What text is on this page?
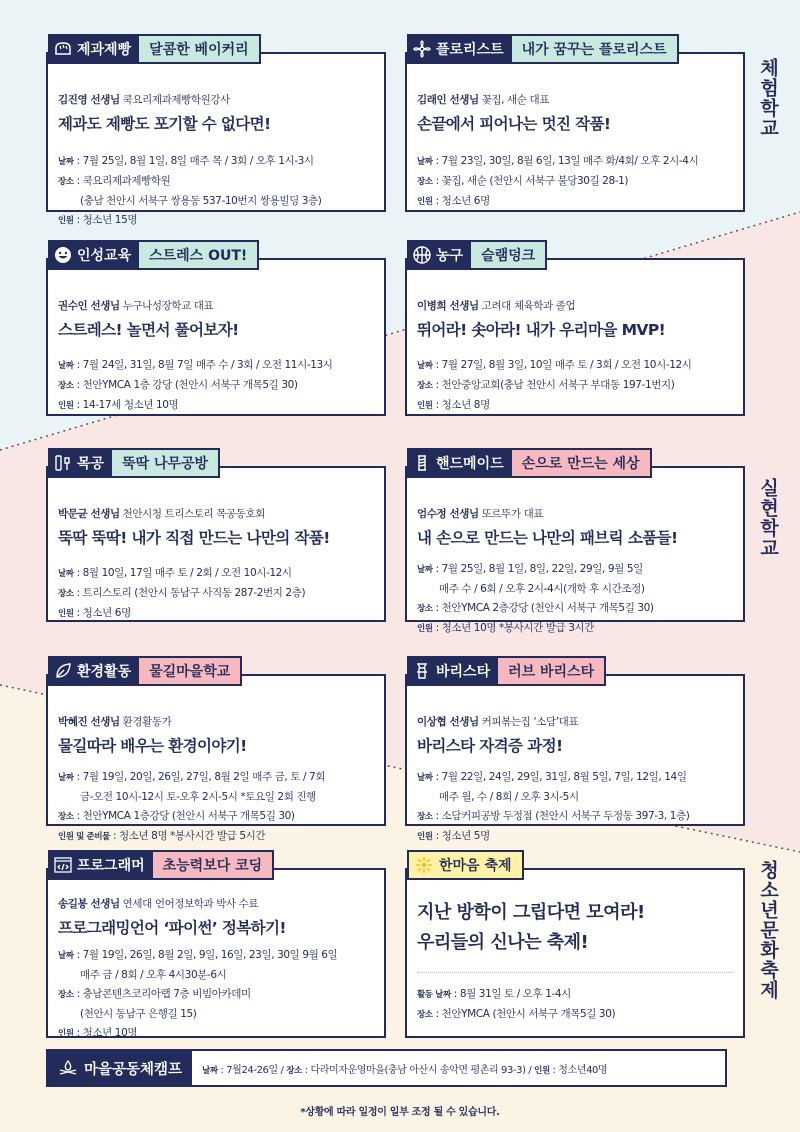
체험학교
실현학교
청소년문화축제
제과제빵	달콤한 베이커리
김진영 선생님 쿡요리제과제빵학원강사
제과도 제빵도 포기할 수 없다면!
날짜 : 7월 25일, 8월 1일, 8일 매주 목 / 3회 / 오후 1시-3시
장소 : 쿡요리제과제빵학원
(충남 천안시 서북구 쌍용동 537-10번지 쌍용빌딩 3층)
인원 : 청소년 15명
플로리스트	내가 꿈꾸는 플로리스트
김래인 선생님 꽃집, 새순 대표
손끝에서 피어나는 멋진 작품!
날짜 : 7월 23일, 30일, 8월 6일, 13일 매주 화/4회/ 오후 2시-4시
장소 : 꽃집, 새순 (천안시 서북구 불당30길 28-1)
인원 : 청소년 6명
인성교육	스트레스 OUT!
권수인 선생님 누구나성장학교 대표
스트레스! 놀면서 풀어보자!
날짜 : 7월 24일, 31일, 8월 7일 매주 수 / 3회 / 오전 11시-13시
장소 : 천안YMCA 1층 강당 (천안시 서북구 개목5길 30)
인원 : 14-17세 청소년 10명
농구	슬램덩크
이병희 선생님 고려대 체육학과 졸업
뛰어라! 솟아라! 내가 우리마을 MVP!
날짜 : 7월 27일, 8월 3일, 10일 매주 토 / 3회 / 오전 10시-12시
장소 : 천안중앙교회(충남 천안시 서북구 부대동 197-1번지)
인원 : 청소년 8명
목공	뚝딱 나무공방
박문균 선생님 천안시청 트리스토리 목공동호회
뚝딱 뚝딱! 내가 직접 만드는 나만의 작품!
날짜 : 8월 10일, 17일 매주 토 / 2회 / 오전 10시-12시
장소 : 트리스토리 (천안시 동남구 사직동 287-2번지 2층)
인원 : 청소년 6명
핸드메이드	손으로 만드는 세상
엄수정 선생님 또르뚜가 대표
내 손으로 만드는 나만의 패브릭 소품들!
날짜 : 7월 25일, 8월 1일, 8일, 22일, 29일, 9월 5일
매주 수 / 6회 / 오후 2시-4시(개학 후 시간조정)
장소 : 천안YMCA 2층강당 (천안시 서북구 개목5길 30)
인원 : 청소년 10명 *봉사시간 발급 3시간
환경활동	물길마을학교
박혜진 선생님 환경활동가
물길따라 배우는 환경이야기!
날짜 : 7월 19일, 20일, 26일, 27일, 8월 2일 매주 금, 토 / 7회
금-오전 10시-12시 토-오후 2시-5시 *토요일 2회 진행
장소 : 천안YMCA 1층강당 (천안시 서북구 개목5길 30)
인원 및 준비물 : 청소년 8명 *봉사시간 발급 5시간
바리스타	러브 바리스타
이상협 선생님 커피볶는집 ‘소담’대표
바리스타 자격증 과정!
날짜 : 7월 22일, 24일, 29일, 31일, 8월 5일, 7일, 12일, 14일
매주 월, 수 / 8회 / 오후 3시-5시
장소 : 소담커피공방 두정점 (천안시 서북구 두정동 397-3, 1층)
인원 : 청소년 5명
프로그래머	초능력보다 코딩
송길봉 선생님 연세대 언어정보학과 박사 수료
프로그래밍언어 ‘파이썬’ 정복하기!
날짜 : 7월 19일, 26일, 8월 2일, 9일, 16일, 23일, 30일 9월 6일
매주 금 / 8회 / 오후 4시30분-6시
장소 : 충남콘텐츠코리아랩 7층 비빔아카데미
(천안시 동남구 은행길 15)
인원 : 청소년 10명
한마음 축제
지난 방학이 그립다면 모여라!
우리들의 신나는 축제!
활동 날짜 : 8월 31일 토 / 오후 1-4시
장소 : 천안YMCA (천안시 서북구 개목5길 30)
마을공동체캠프	날짜 : 7월24-26일 / 장소 : 다라미자운영마을(충남 아산시 송악면 평촌리 93-3) / 인원 : 청소년40명
*상황에 따라 일정이 일부 조정 될 수 있습니다.
